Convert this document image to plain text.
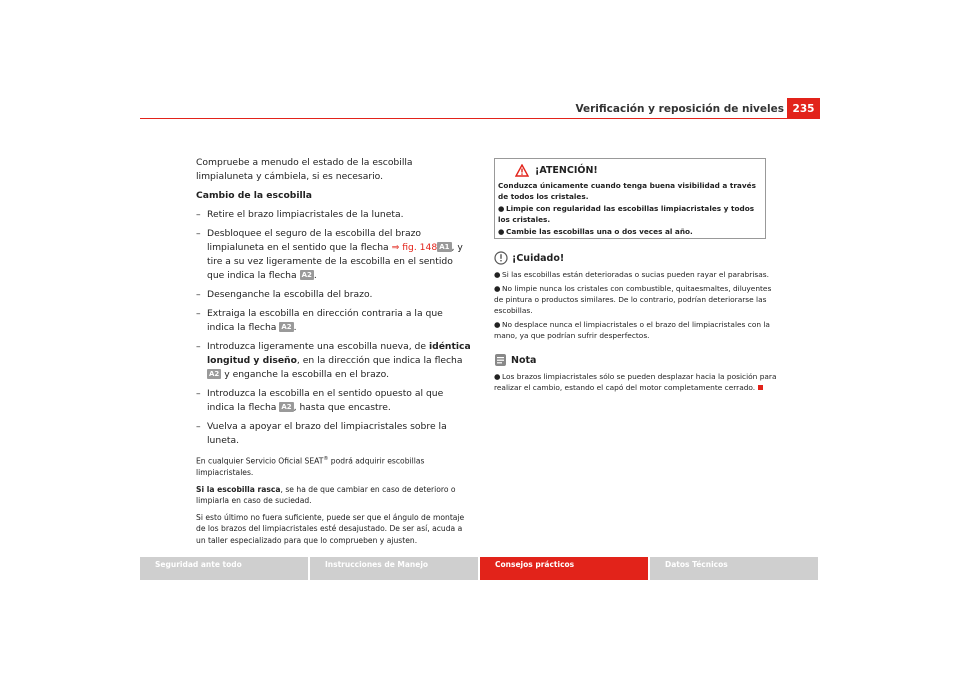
Verificación y reposición de niveles 235

Compruebe a menudo el estado de la escobilla limpialuneta y cámbiela, si es necesario.

Cambio de la escobilla

– Retire el brazo limpiacristales de la luneta.
– Desbloquee el seguro de la escobilla del brazo limpialuneta en el sentido que la flecha ⇒ fig. 148 A1 , y tire a su vez ligeramente de la escobilla en el sentido que indica la flecha A2 .
– Desenganche la escobilla del brazo.
– Extraiga la escobilla en dirección contraria a la que indica la flecha A2 .
– Introduzca ligeramente una escobilla nueva, de idéntica longitud y diseño, en la dirección que indica la flecha A2 y enganche la escobilla en el brazo.
– Introduzca la escobilla en el sentido opuesto al que indica la flecha A2 , hasta que encastre.
– Vuelva a apoyar el brazo del limpiacristales sobre la luneta.

En cualquier Servicio Oficial SEAT® podrá adquirir escobillas limpiacristales.

Si la escobilla rasca, se ha de que cambiar en caso de deterioro o limpiarla en caso de suciedad.

Si esto último no fuera suficiente, puede ser que el ángulo de montaje de los brazos del limpiacristales esté desajustado. De ser así, acuda a un taller especializado para que lo comprueben y ajusten.

¡ATENCIÓN!

Conduzca únicamente cuando tenga buena visibilidad a través de todos los cristales.

● Limpie con regularidad las escobillas limpiacristales y todos los cristales.

● Cambie las escobillas una o dos veces al año.

¡Cuidado!

● Si las escobillas están deterioradas o sucias pueden rayar el parabrisas.

● No limpie nunca los cristales con combustible, quitaesmaltes, diluyentes de pintura o productos similares. De lo contrario, podrían deteriorarse las escobillas.

● No desplace nunca el limpiacristales o el brazo del limpiacristales con la mano, ya que podrían sufrir desperfectos.

Nota

● Los brazos limpiacristales sólo se pueden desplazar hacia la posición para realizar el cambio, estando el capó del motor completamente cerrado.

Seguridad ante todo	Instrucciones de Manejo	Consejos prácticos	Datos Técnicos
